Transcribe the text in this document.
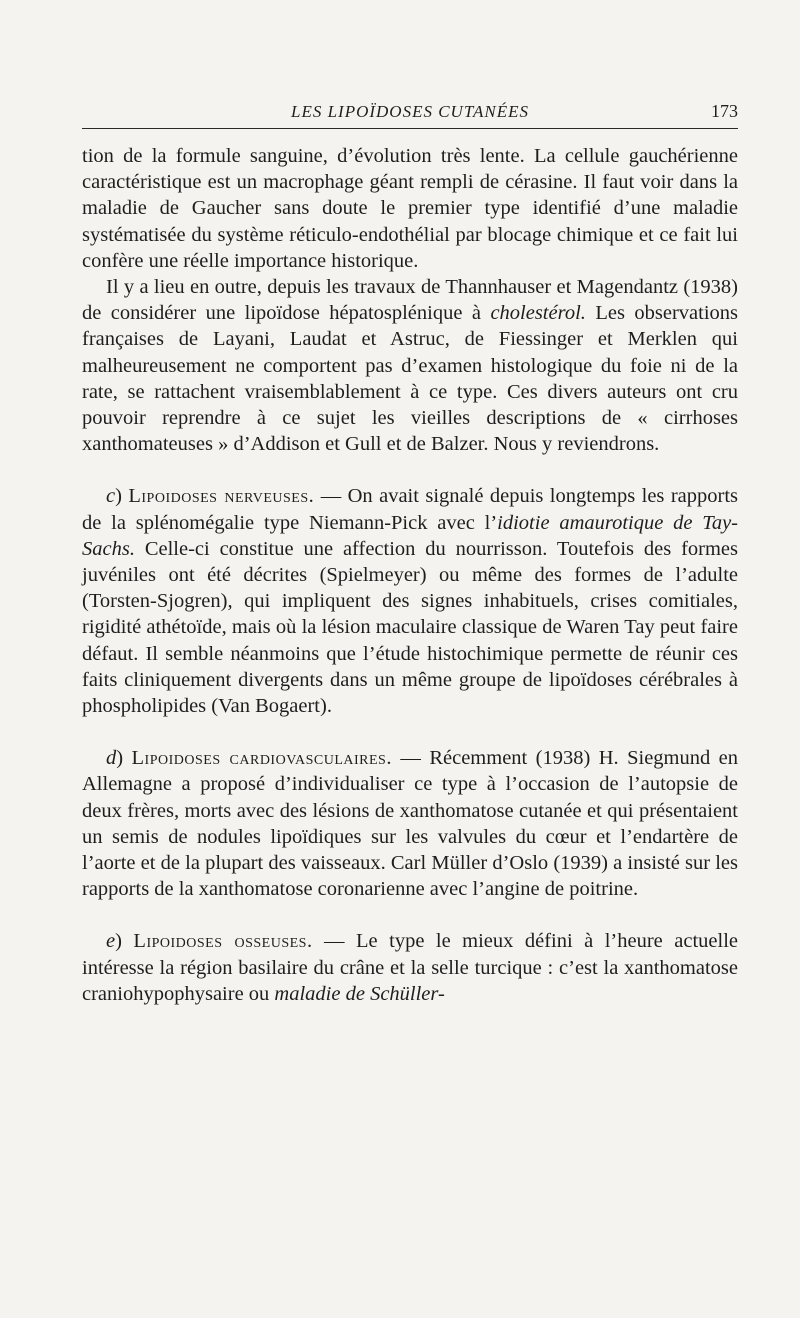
LES LIPOÏDOSES CUTANÉES	173

tion de la formule sanguine, d’évolution très lente. La cellule gauchérienne caractéristique est un macrophage géant rempli de cérasine. Il faut voir dans la maladie de Gaucher sans doute le premier type identifié d’une maladie systématisée du système réticulo-endothélial par blocage chimique et ce fait lui confère une réelle importance historique.

Il y a lieu en outre, depuis les travaux de Thannhauser et Magendantz (1938) de considérer une lipoïdose hépatosplénique à cholestérol. Les observations françaises de Layani, Laudat et Astruc, de Fiessinger et Merklen qui malheureusement ne comportent pas d’examen histologique du foie ni de la rate, se rattachent vraisemblablement à ce type. Ces divers auteurs ont cru pouvoir reprendre à ce sujet les vieilles descriptions de « cirrhoses xanthomateuses » d’Addison et Gull et de Balzer. Nous y reviendrons.

c) Lipoidoses nerveuses. — On avait signalé depuis longtemps les rapports de la splénomégalie type Niemann-Pick avec l’idiotie amaurotique de Tay-Sachs. Celle-ci constitue une affection du nourrisson. Toutefois des formes juvéniles ont été décrites (Spielmeyer) ou même des formes de l’adulte (Torsten-Sjogren), qui impliquent des signes inhabituels, crises comitiales, rigidité athétoïde, mais où la lésion maculaire classique de Waren Tay peut faire défaut. Il semble néanmoins que l’étude histochimique permette de réunir ces faits cliniquement divergents dans un même groupe de lipoïdoses cérébrales à phospholipides (Van Bogaert).

d) Lipoidoses cardiovasculaires. — Récemment (1938) H. Siegmund en Allemagne a proposé d’individualiser ce type à l’occasion de l’autopsie de deux frères, morts avec des lésions de xanthomatose cutanée et qui présentaient un semis de nodules lipoïdiques sur les valvules du cœur et l’endartère de l’aorte et de la plupart des vaisseaux. Carl Müller d’Oslo (1939) a insisté sur les rapports de la xanthomatose coronarienne avec l’angine de poitrine.

e) Lipoidoses osseuses. — Le type le mieux défini à l’heure actuelle intéresse la région basilaire du crâne et la selle turcique : c’est la xanthomatose craniohypophysaire ou maladie de Schüller-
